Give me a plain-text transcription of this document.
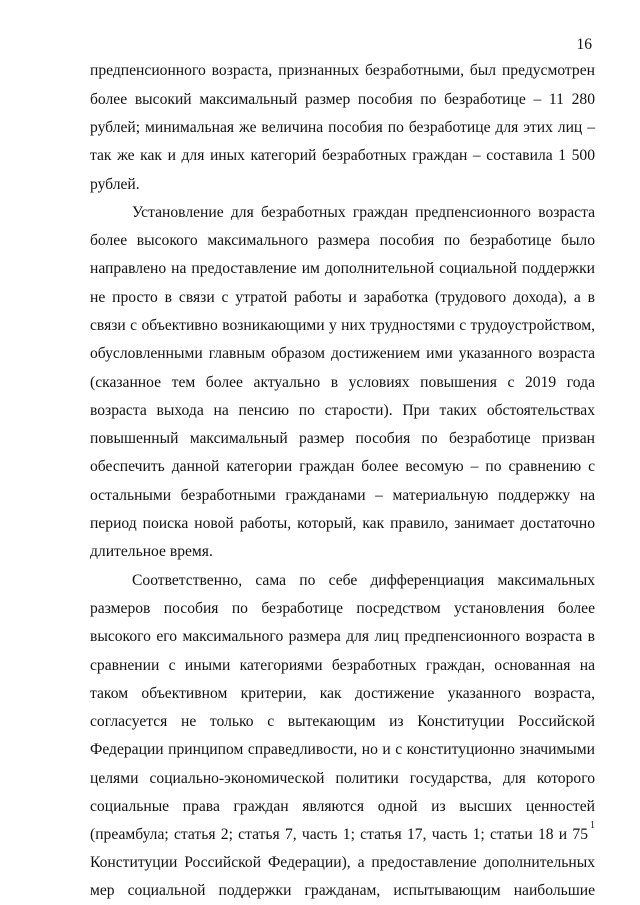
16
предпенсионного возраста, признанных безработными, был предусмотрен
более высокий максимальный размер пособия по безработице – 11 280
рублей; минимальная же величина пособия по безработице для этих лиц –
так же как и для иных категорий безработных граждан – составила 1 500
рублей.
Установление для безработных граждан предпенсионного возраста
более высокого максимального размера пособия по безработице было
направлено на предоставление им дополнительной социальной поддержки
не просто в связи с утратой работы и заработка (трудового дохода), а в
связи с объективно возникающими у них трудностями с трудоустройством,
обусловленными главным образом достижением ими указанного возраста
(сказанное тем более актуально в условиях повышения с 2019 года
возраста выхода на пенсию по старости). При таких обстоятельствах
повышенный максимальный размер пособия по безработице призван
обеспечить данной категории граждан более весомую – по сравнению с
остальными безработными гражданами – материальную поддержку на
период поиска новой работы, который, как правило, занимает достаточно
длительное время.
Соответственно, сама по себе дифференциация максимальных
размеров пособия по безработице посредством установления более
высокого его максимального размера для лиц предпенсионного возраста в
сравнении с иными категориями безработных граждан, основанная на
таком объективном критерии, как достижение указанного возраста,
согласуется не только с вытекающим из Конституции Российской
Федерации принципом справедливости, но и с конституционно значимыми
целями социально-экономической политики государства, для которого
социальные права граждан являются одной из высших ценностей
(преамбула; статья 2; статья 7, часть 1; статья 17, часть 1; статьи 18 и 75
1
Конституции Российской Федерации), а предоставление дополнительных
мер социальной поддержки гражданам, испытывающим наибольшие
